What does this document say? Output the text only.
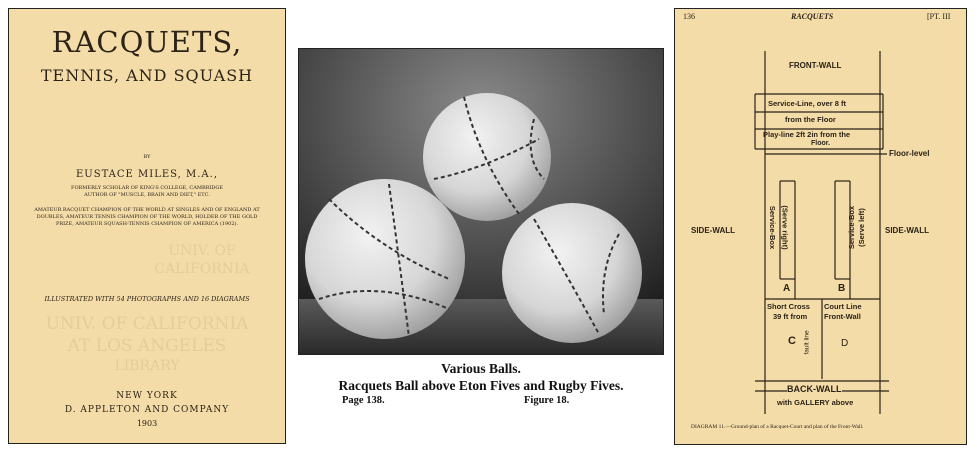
RACQUETS,
TENNIS, AND SQUASH
BY
EUSTACE MILES, M.A.,
FORMERLY SCHOLAR OF KING'S COLLEGE, CAMBRIDGE
AUTHOR OF "MUSCLE, BRAIN AND DIET," ETC.
AMATEUR RACQUET CHAMPION OF THE WORLD AT SINGLES AND OF ENGLAND AT
DOUBLES, AMATEUR TENNIS CHAMPION OF THE WORLD, HOLDER OF THE GOLD
PRIZE, AMATEUR SQUASH-TENNIS CHAMPION OF AMERICA (1902).
UNIV. OF
CALIFORNIA
ILLUSTRATED WITH 54 PHOTOGRAPHS AND 16 DIAGRAMS
UNIV. OF CALIFORNIA
AT LOS ANGELES
LIBRARY
NEW YORK
D. APPLETON AND COMPANY
1903
Various Balls.
Racquets Ball above Eton Fives and Rugby Fives.
Page 138.	Figure 18.
136	RACQUETS	[PT. III
FRONT-WALL
Service-Line, over 8 ft
from the Floor
Play-line 2ft 2in from the
Floor.
Floor-level
SIDE-WALL	SIDE-WALL
Service-Box (Serve right)	Service-Box (Serve left)
A	B
Short Cross
39 ft from
Court Line
Front-Wall
C	D
fault line
BACK-WALL
with GALLERY above
DIAGRAM 11.—Ground-plan of a Racquet-Court and plan of the Front-Wall.
